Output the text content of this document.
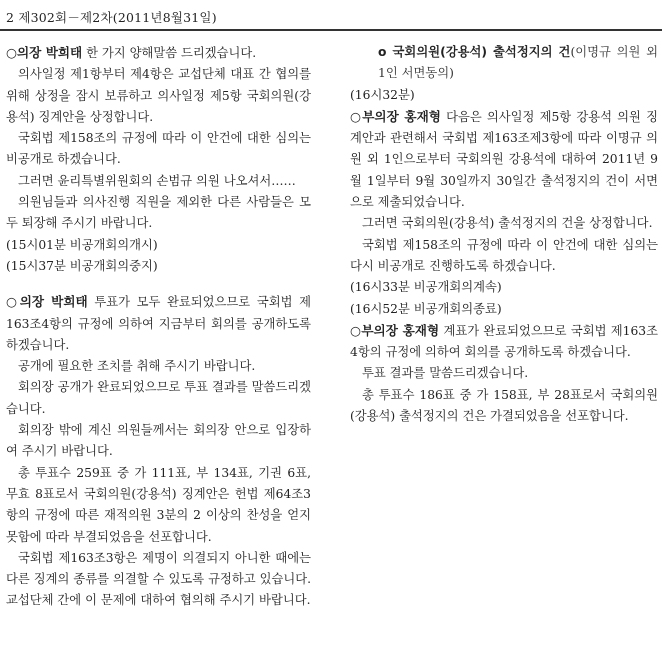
2 제302회－제2차(2011년8월31일)

○의장 박희태 한 가지 양해말씀 드리겠습니다.

의사일정 제1항부터 제4항은 교섭단체 대표 간 협의를 위해 상정을 잠시 보류하고 의사일정 제5항 국회의원(강용석) 징계안을 상정합니다.

국회법 제158조의 규정에 따라 이 안건에 대한 심의는 비공개로 하겠습니다.

그러면 윤리특별위원회의 손범규 의원 나오셔서……

의원님들과 의사진행 직원을 제외한 다른 사람들은 모두 퇴장해 주시기 바랍니다.

(15시01분 비공개회의개시)

(15시37분 비공개회의중지)

○의장 박희태 투표가 모두 완료되었으므로 국회법 제163조4항의 규정에 의하여 지금부터 회의를 공개하도록 하겠습니다.

공개에 필요한 조치를 취해 주시기 바랍니다.

회의장 공개가 완료되었으므로 투표 결과를 말씀드리겠습니다.

회의장 밖에 계신 의원들께서는 회의장 안으로 입장하여 주시기 바랍니다.

총 투표수 259표 중 가 111표, 부 134표, 기권 6표, 무효 8표로서 국회의원(강용석) 징계안은 헌법 제64조3항의 규정에 따른 재적의원 3분의 2 이상의 찬성을 얻지 못함에 따라 부결되었음을 선포합니다.

국회법 제163조3항은 제명이 의결되지 아니한 때에는 다른 징계의 종류를 의결할 수 있도록 규정하고 있습니다. 교섭단체 간에 이 문제에 대하여 협의해 주시기 바랍니다.

o 국회의원(강용석) 출석정지의 건(이명규 의원 외 1인 서면동의)

(16시32분)

○부의장 홍재형 다음은 의사일정 제5항 강용석 의원 징계안과 관련해서 국회법 제163조제3항에 따라 이명규 의원 외 1인으로부터 국회의원 강용석에 대하여 2011년 9월 1일부터 9월 30일까지 30일간 출석정지의 건이 서면으로 제출되었습니다.

그러면 국회의원(강용석) 출석정지의 건을 상정합니다.

국회법 제158조의 규정에 따라 이 안건에 대한 심의는 다시 비공개로 진행하도록 하겠습니다.

(16시33분 비공개회의계속)

(16시52분 비공개회의종료)

○부의장 홍재형 계표가 완료되었으므로 국회법 제163조4항의 규정에 의하여 회의를 공개하도록 하겠습니다.

투표 결과를 말씀드리겠습니다.

총 투표수 186표 중 가 158표, 부 28표로서 국회의원(강용석) 출석정지의 건은 가결되었음을 선포합니다.
